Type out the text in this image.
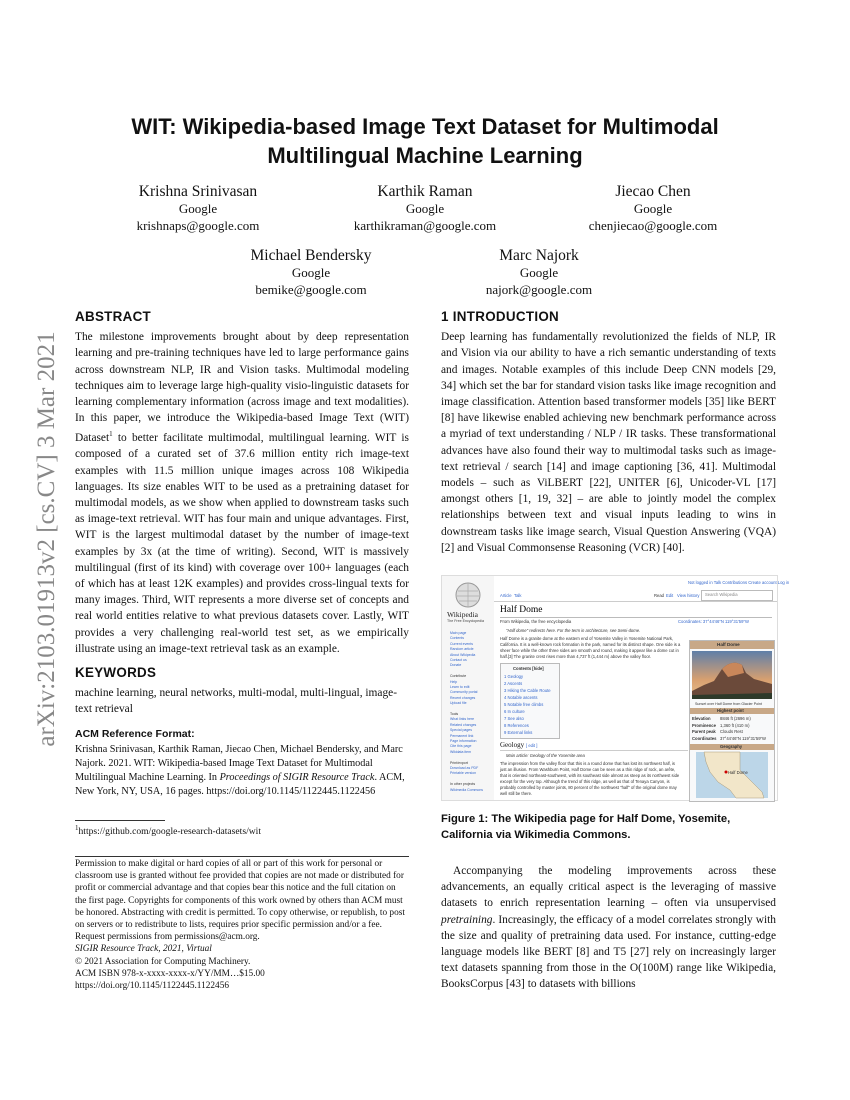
WIT: Wikipedia-based Image Text Dataset for Multimodal
Multilingual Machine Learning
Krishna Srinivasan
Google
krishnaps@google.com
Karthik Raman
Google
karthikraman@google.com
Jiecao Chen
Google
chenjiecao@google.com
Michael Bendersky
Google
bemike@google.com
Marc Najork
Google
najork@google.com
arXiv:2103.01913v2 [cs.CV] 3 Mar 2021
ABSTRACT

The milestone improvements brought about by deep representation learning and pre-training techniques have led to large performance gains across downstream NLP, IR and Vision tasks. Multimodal modeling techniques aim to leverage large high-quality visio-linguistic datasets for learning complementary information (across image and text modalities). In this paper, we introduce the Wikipedia-based Image Text (WIT) Dataset$^1$ to better facilitate multimodal, multilingual learning. WIT is composed of a curated set of 37.6 million entity rich image-text examples with 11.5 million unique images across 108 Wikipedia languages. Its size enables WIT to be used as a pretraining dataset for multimodal models, as we show when applied to downstream tasks such as image-text retrieval. WIT has four main and unique advantages. First, WIT is the largest multimodal dataset by the number of image-text examples by 3x (at the time of writing). Second, WIT is massively multilingual (first of its kind) with coverage over 100+ languages (each of which has at least 12K examples) and provides cross-lingual texts for many images. Third, WIT represents a more diverse set of concepts and real world entities relative to what previous datasets cover. Lastly, WIT provides a very challenging real-world test set, as we empirically illustrate using an image-text retrieval task as an example.

KEYWORDS

machine learning, neural networks, multi-modal, multi-lingual, image-text retrieval

ACM Reference Format:

Krishna Srinivasan, Karthik Raman, Jiecao Chen, Michael Bendersky, and Marc Najork. 2021. WIT: Wikipedia-based Image Text Dataset for Multimodal Multilingual Machine Learning. In Proceedings of SIGIR Resource Track. ACM, New York, NY, USA, 16 pages. https://doi.org/10.1145/1122445.1122456

$^1$https://github.com/google-research-datasets/wit

Permission to make digital or hard copies of all or part of this work for personal or classroom use is granted without fee provided that copies are not made or distributed for profit or commercial advantage and that copies bear this notice and the full citation on the first page. Copyrights for components of this work owned by others than ACM must be honored. Abstracting with credit is permitted. To copy otherwise, or republish, to post on servers or to redistribute to lists, requires prior specific permission and/or a fee. Request permissions from permissions@acm.org.

SIGIR Resource Track, 2021, Virtual

© 2021 Association for Computing Machinery.

ACM ISBN 978-x-xxxx-xxxx-x/YY/MM…$15.00

https://doi.org/10.1145/1122445.1122456

1 INTRODUCTION

Deep learning has fundamentally revolutionized the fields of NLP, IR and Vision via our ability to have a rich semantic understanding of texts and images. Notable examples of this include Deep CNN models [29, 34] which set the bar for standard vision tasks like image recognition and image classification. Attention based transformer models [35] like BERT [8] have likewise enabled achieving new benchmark performance across a myriad of text understanding / NLP / IR tasks. These transformational advances have also found their way to multimodal tasks such as image-text retrieval / search [14] and image captioning [36, 41]. Multimodal models – such as ViLBERT [22], UNITER [6], Unicoder-VL [17] amongst others [1, 19, 32] – are able to jointly model the complex relationships between text and visual inputs leading to wins in downstream tasks like image search, Visual Question Answering (VQA) [2] and Visual Commonsense Reasoning (VCR) [40].

Wikipedia
The Free Encyclopedia
Main page
Contents
Current events
Random article
About Wikipedia
Contact us
Donate
Contribute
Help
Learn to edit
Community portal
Recent changes
Upload file
Tools
What links here
Related changes
Special pages
Permanent link
Page information
Cite this page
Wikidata item
Print/export
Download as PDF
Printable version
In other projects
Wikimedia Commons
Not logged in Talk Contributions Create account Log in
Article Talk	Read Edit View history Search Wikipedia
Half Dome
From Wikipedia, the free encyclopedia	Coordinates: 37°44′46″N 119°31′59″W
"Half dome" redirects here. For the term in architecture, see Semi-dome.
Half Dome is a granite dome at the eastern end of Yosemite Valley in Yosemite National Park,
California. It is a well-known rock formation in the park, named for its distinct shape. One side is a
sheer face while the other three sides are smooth and round, making it appear like a dome cut in
half.[3] The granite crest rises more than 4,737 ft (1,444 m) above the valley floor.
Contents [hide]
1 Geology
2 Ascents
3 Hiking the Cable Route
4 Notable ascents
5 Notable free climbs
6 In culture
7 See also
8 References
9 External links
Geology [ edit ]
Main article: Geology of the Yosemite area
The impression from the valley floor that this is a round dome that has lost its northwest half, is
just an illusion. From Washburn Point, Half Dome can be seen as a thin ridge of rock, an arête,
that is oriented northeast-southwest, with its southeast side almost as steep as its northwest side
except for the very top. Although the trend of this ridge, as well as that of Tenaya Canyon, is
probably controlled by master joints, 80 percent of the northwest "half" of the original dome may
well still be there.
Half Dome
Sunset over Half Dome from Glacier Point
Highest point
Elevation 8846 ft (2696 m)
Prominence 1,360 ft (410 m)
Parent peak Clouds Rest
Coordinates 37°44′46″N 119°31′59″W
Geography
Half Dome
Figure 1: The Wikipedia page for Half Dome, Yosemite, California via Wikimedia Commons.

Accompanying the modeling improvements across these advancements, an equally critical aspect is the leveraging of massive datasets to enrich representation learning – often via unsupervised pretraining. Increasingly, the efficacy of a model correlates strongly with the size and quality of pretraining data used. For instance, cutting-edge language models like BERT [8] and T5 [27] rely on increasingly larger text datasets spanning from those in the O(100M) range like Wikipedia, BooksCorpus [43] to datasets with billions
